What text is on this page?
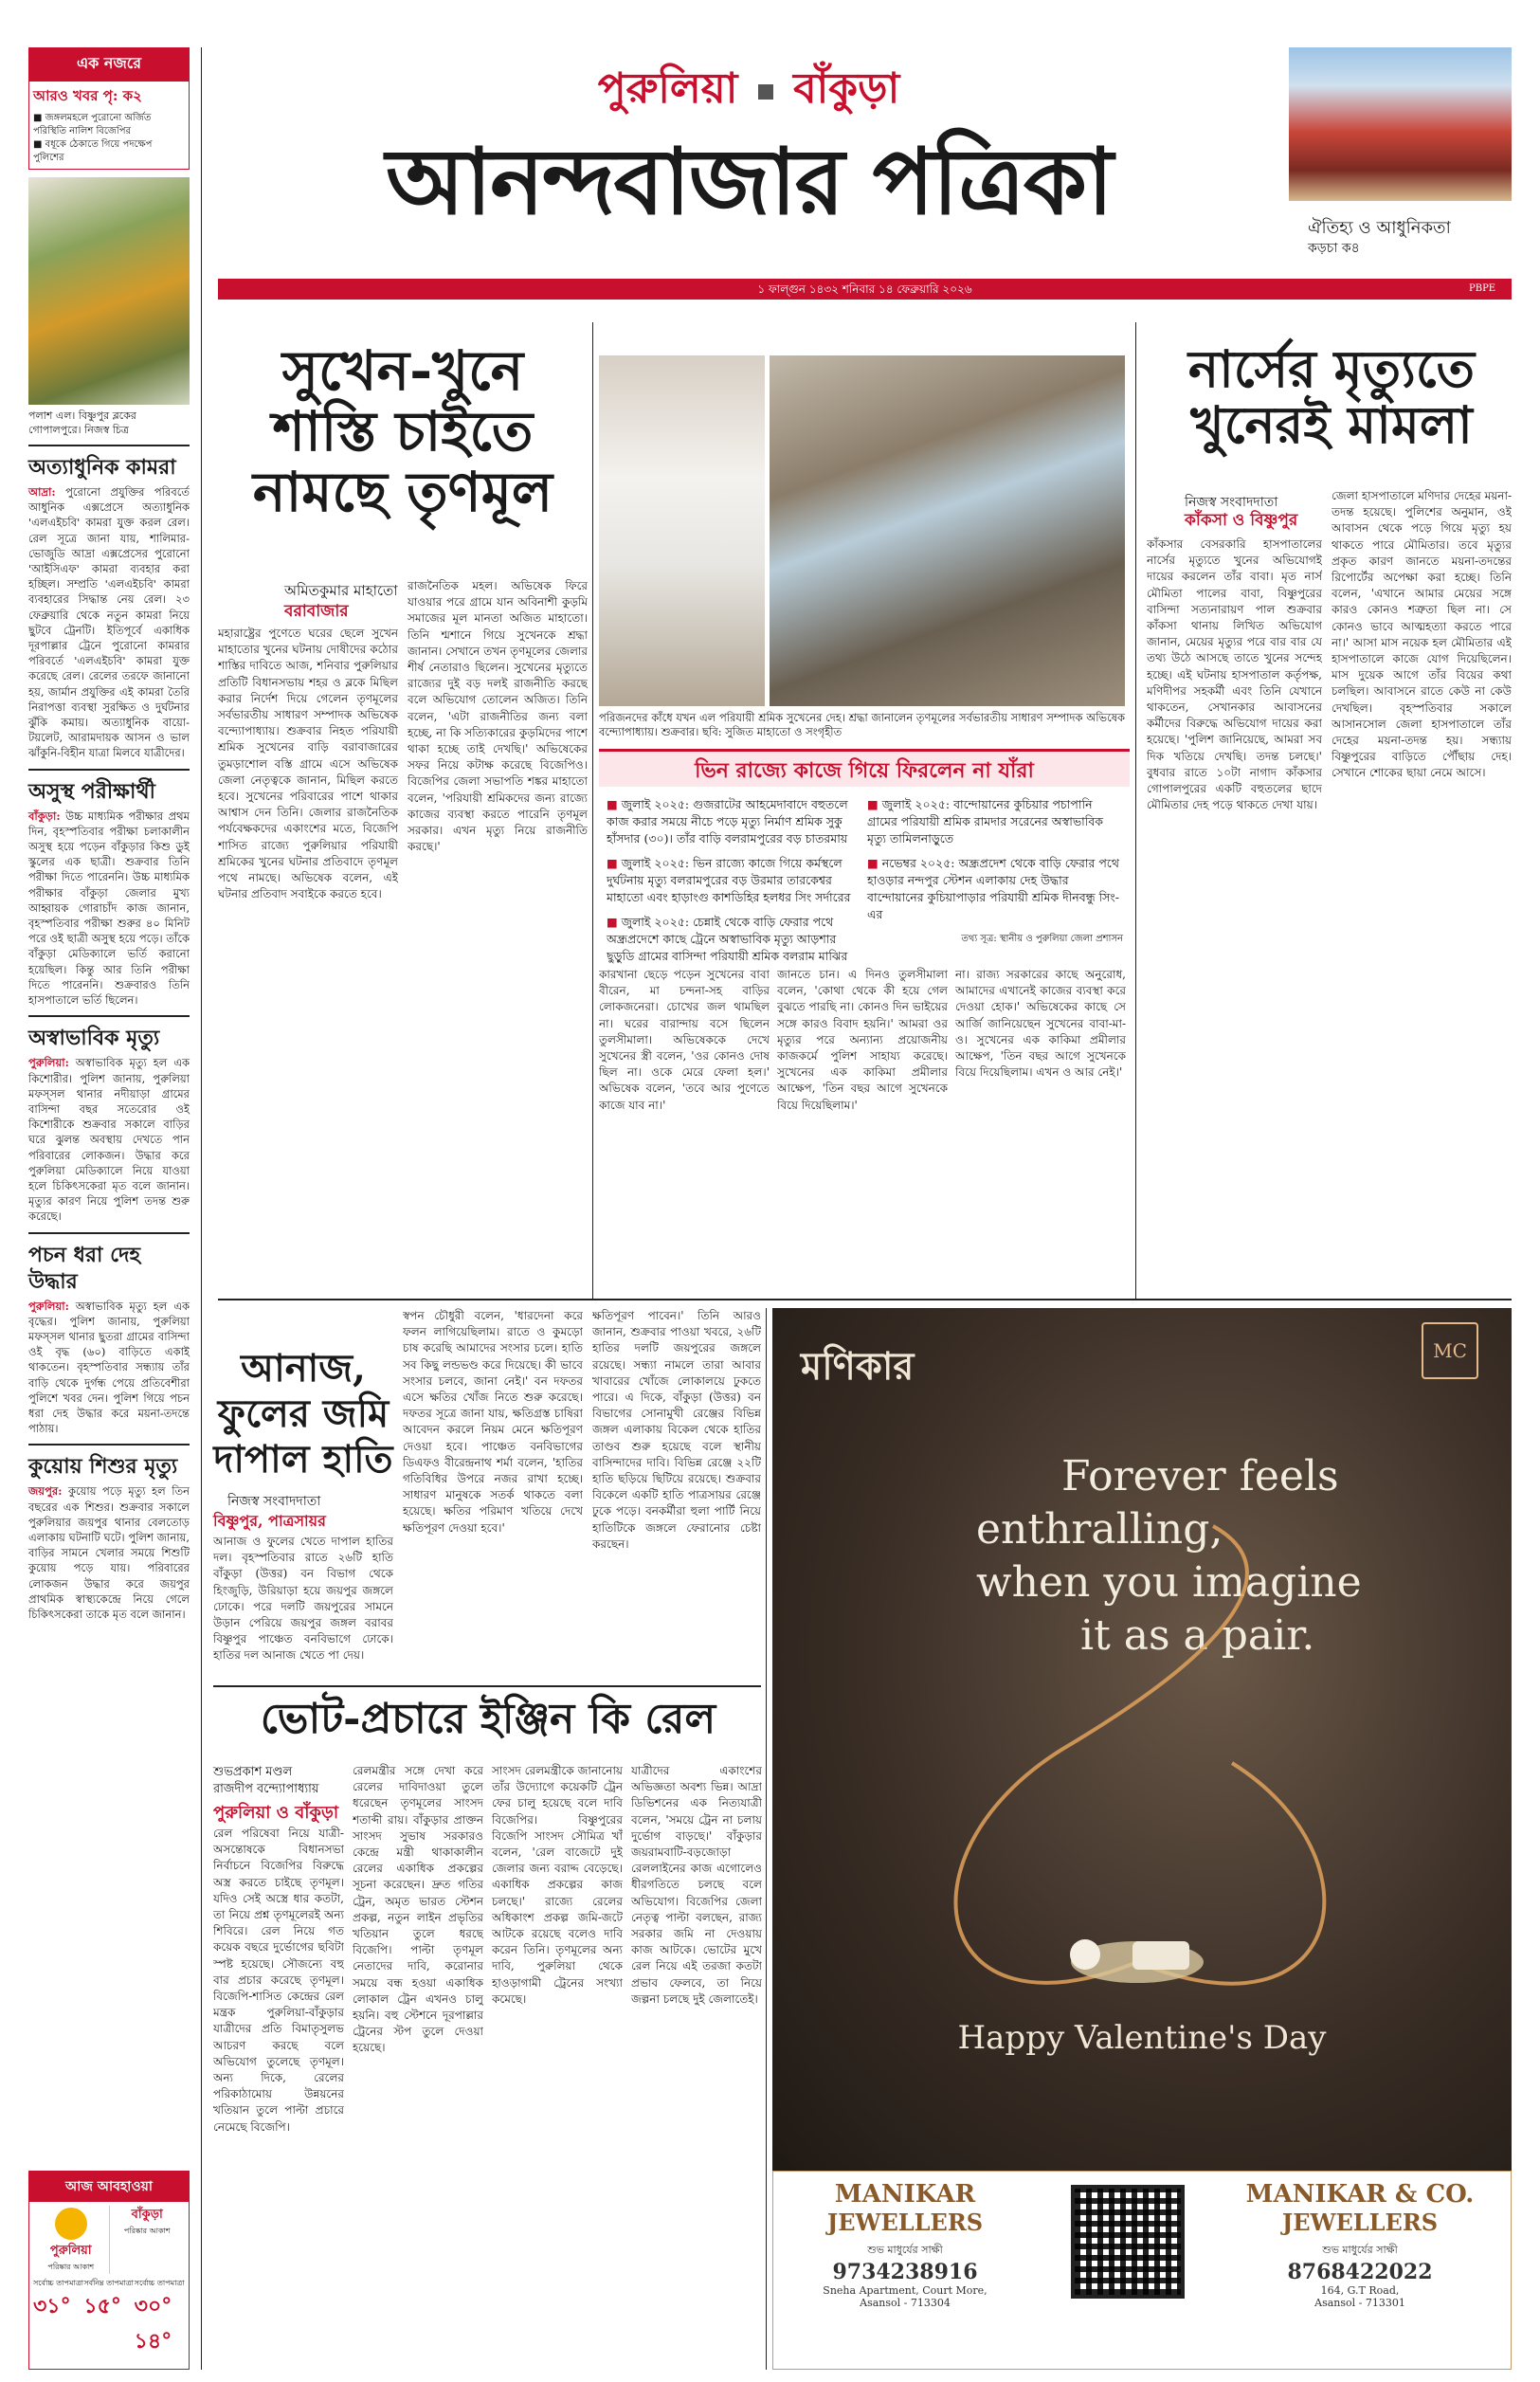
এক নজরে
আরও খবর পৃ: ক২
■ জঙ্গলমহলে পুরোনো অর্জিত পরিস্থিতি নালিশ বিজেপির
■ বধূকে ঠেকাতে গিয়ে পদক্ষেপ পুলিশের
পলাশ এল। বিষ্ণুপুর ব্লকের গোপালপুরে। নিজস্ব চিত্র
অত্যাধুনিক কামরা
আদ্রা: পুরোনো প্রযুক্তির পরিবর্তে আধুনিক এক্সপ্রেসে অত্যাধুনিক 'এলএইচবি' কামরা যুক্ত করল রেল। রেল সূত্রে জানা যায়, শালিমার-ভোজুডি আদ্রা এক্সপ্রেসের পুরোনো 'আইসিএফ' কামরা ব্যবহার করা হচ্ছিল। সম্প্রতি 'এলএইচবি' কামরা ব্যবহারের সিদ্ধান্ত নেয় রেল। ২৩ ফেব্রুয়ারি থেকে নতুন কামরা নিয়ে ছুটবে ট্রেনটি। ইতিপূর্বে একাধিক দূরপাল্লার ট্রেনে পুরোনো কামরার পরিবর্তে 'এলএইচবি' কামরা যুক্ত করেছে রেল। রেলের তরফে জানানো হয়, জার্মান প্রযুক্তির এই কামরা তৈরি নিরাপত্তা ব্যবস্থা সুরক্ষিত ও দুর্ঘটনার ঝুঁকি কমায়। অত্যাধুনিক বায়ো-টয়লেট, আরামদায়ক আসন ও ভাল ঝাঁকুনি-বিহীন যাত্রা মিলবে যাত্রীদের।
অসুস্থ পরীক্ষার্থী
বাঁকুড়া: উচ্চ মাধ্যমিক পরীক্ষার প্রথম দিন, বৃহস্পতিবার পরীক্ষা চলাকালীন অসুস্থ হয়ে পড়েন বাঁকুড়ার কিশু ডুই স্কুলের এক ছাত্রী। শুক্রবার তিনি পরীক্ষা দিতে পারেননি। উচ্চ মাধ্যমিক পরীক্ষার বাঁকুড়া জেলার মুখ্য আহ্বায়ক গোরাচাঁদ কাজ জানান, বৃহস্পতিবার পরীক্ষা শুরুর ৪০ মিনিট পরে ওই ছাত্রী অসুস্থ হয়ে পড়ে। তাঁকে বাঁকুড়া মেডিক্যালে ভর্তি করানো হয়েছিল। কিন্তু আর তিনি পরীক্ষা দিতে পারেননি। শুক্রবারও তিনি হাসপাতালে ভর্তি ছিলেন।
অস্বাভাবিক মৃত্যু
পুরুলিয়া: অস্বাভাবিক মৃত্যু হল এক কিশোরীর। পুলিশ জানায়, পুরুলিয়া মফস্সল থানার নদীয়াড়া গ্রামের বাসিন্দা বছর সতেরোর ওই কিশোরীকে শুক্রবার সকালে বাড়ির ঘরে ঝুলন্ত অবস্থায় দেখতে পান পরিবারের লোকজন। উদ্ধার করে পুরুলিয়া মেডিক্যালে নিয়ে যাওয়া হলে চিকিৎসকেরা মৃত বলে জানান। মৃত্যুর কারণ নিয়ে পুলিশ তদন্ত শুরু করেছে।
পচন ধরা দেহ উদ্ধার
পুরুলিয়া: অস্বাভাবিক মৃত্যু হল এক বৃদ্ধের। পুলিশ জানায়, পুরুলিয়া মফস্সল থানার ছুতরা গ্রামের বাসিন্দা ওই বৃদ্ধ (৬০) বাড়িতে একাই থাকতেন। বৃহস্পতিবার সন্ধ্যায় তাঁর বাড়ি থেকে দুর্গন্ধ পেয়ে প্রতিবেশীরা পুলিশে খবর দেন। পুলিশ গিয়ে পচন ধরা দেহ উদ্ধার করে ময়না-তদন্তে পাঠায়।
কুয়োয় শিশুর মৃত্যু
জয়পুর: কুয়োয় পড়ে মৃত্যু হল তিন বছরের এক শিশুর। শুক্রবার সকালে পুরুলিয়ার জয়পুর থানার বেলতোড় এলাকায় ঘটনাটি ঘটে। পুলিশ জানায়, বাড়ির সামনে খেলার সময়ে শিশুটি কুয়োয় পড়ে যায়। পরিবারের লোকজন উদ্ধার করে জয়পুর প্রাথমিক স্বাস্থ্যকেন্দ্রে নিয়ে গেলে চিকিৎসকেরা তাকে মৃত বলে জানান।
আজ আবহাওয়া
পুরুলিয়া
পরিষ্কার আকাশ
বাঁকুড়া
পরিষ্কার আকাশ
সর্বোচ্চ তাপমাত্রা
৩১°
সর্বনিম্ন তাপমাত্রা
১৫°
সর্বোচ্চ তাপমাত্রা
৩০°
১৪°
পুরুলিয়া বাঁকুড়া
আনন্দবাজার পত্রিকা	ঐতিহ্য ও আধুনিকতা
কড়চা ক৪
১ ফাল্গুন ১৪৩২ শনিবার ১৪ ফেব্রুয়ারি ২০২৬	PBPE
সুখেন-খুনে
শাস্তি চাইতে
নামছে তৃণমূল
অমিতকুমার মাহাতো
বরাবাজার
মহারাষ্ট্রের পুণেতে ঘরের ছেলে সুখেন মাহাতোর খুনের ঘটনায় দোষীদের কঠোর শাস্তির দাবিতে আজ, শনিবার পুরুলিয়ার প্রতিটি বিধানসভায় শহর ও ব্লকে মিছিল করার নির্দেশ দিয়ে গেলেন তৃণমূলের সর্বভারতীয় সাধারণ সম্পাদক অভিষেক বন্দ্যোপাধ্যায়। শুক্রবার নিহত পরিযায়ী শ্রমিক সুখেনের বাড়ি বরাবাজারের তুমড়াশোল বস্তি গ্রামে এসে অভিষেক জেলা নেতৃত্বকে জানান, মিছিল করতে হবে। সুখেনের পরিবারের পাশে থাকার আশ্বাস দেন তিনি। জেলার রাজনৈতিক পর্যবেক্ষকদের একাংশের মতে, বিজেপি শাসিত রাজ্যে পুরুলিয়ার পরিযায়ী শ্রমিকের খুনের ঘটনার প্রতিবাদে তৃণমূল পথে নামছে। অভিষেক বলেন, এই ঘটনার প্রতিবাদ সবাইকে করতে হবে।
রাজনৈতিক মহল। অভিষেক ফিরে যাওয়ার পরে গ্রামে যান অবিনাশী কুড়মি সমাজের মূল মানতা অজিত মাহাতো। তিনি শ্মশানে গিয়ে সুখেনকে শ্রদ্ধা জানান। সেখানে তখন তৃণমূলের জেলার শীর্ষ নেতারাও ছিলেন। সুখেনের মৃত্যুতে রাজ্যের দুই বড় দলই রাজনীতি করছে বলে অভিযোগ তোলেন অজিত। তিনি বলেন, 'এটা রাজনীতির জন্য বলা হচ্ছে, না কি সত্যিকারের কুড়মিদের পাশে থাকা হচ্ছে তাই দেখছি।' অভিষেকের সফর নিয়ে কটাক্ষ করেছে বিজেপিও। বিজেপির জেলা সভাপতি শঙ্কর মাহাতো বলেন, 'পরিযায়ী শ্রমিকদের জন্য রাজ্যে কাজের ব্যবস্থা করতে পারেনি তৃণমূল সরকার। এখন মৃত্যু নিয়ে রাজনীতি করছে।'
পরিজনদের কাঁধে যখন এল পরিযায়ী শ্রমিক সুখেনের দেহ। শ্রদ্ধা জানালেন তৃণমূলের সর্বভারতীয় সাধারণ সম্পাদক অভিষেক বন্দ্যোপাধ্যায়। শুক্রবার। ছবি: সুজিত মাহাতো ও সংগৃহীত
ভিন রাজ্যে কাজে গিয়ে ফিরলেন না যাঁরা
■ জুলাই ২০২৫: গুজরাটের আহমেদাবাদে বহুতলে কাজ করার সময়ে নীচে পড়ে মৃত্যু নির্মাণ শ্রমিক সুকু হাঁসদার (৩০)। তাঁর বাড়ি বলরামপুরের বড় চাতরমায়
■ জুলাই ২০২৫: ভিন রাজ্যে কাজে গিয়ে কর্মস্থলে দুর্ঘটনায় মৃত্যু বলরামপুরের বড় উরমার তারকেশ্বর মাহাতো এবং হাড়াংগু কাশডিহির হলধর সিং সর্দারের
■ জুলাই ২০২৫: চেন্নাই থেকে বাড়ি ফেরার পথে অন্ধ্রপ্রদেশে কাছে ট্রেনে অস্বাভাবিক মৃত্যু আড়শার ছুড়ুডি গ্রামের বাসিন্দা পরিযায়ী শ্রমিক বলরাম মাঝির
■ জুলাই ২০২৫: বান্দোয়ানের কুচিয়ার পচাপানি গ্রামের পরিযায়ী শ্রমিক রামদার সরেনের অস্বাভাবিক মৃত্যু তামিলনাড়ুতে
■ নভেম্বর ২০২৫: অন্ধ্রপ্রদেশ থেকে বাড়ি ফেরার পথে হাওড়ার নন্দপুর স্টেশন এলাকায় দেহ উদ্ধার বান্দোয়ানের কুচিয়াপাড়ার পরিযায়ী শ্রমিক দীনবন্ধু সিং-এর
তথ্য সূত্র: স্থানীয় ও পুরুলিয়া জেলা প্রশাসন
কারখানা ছেড়ে পড়েন সুখেনের বাবা বীরেন, মা চন্দনা-সহ বাড়ির লোকজনেরা। চোখের জল থামছিল না। ঘরের বারান্দায় বসে ছিলেন তুলসীমালা। অভিষেককে দেখে সুখেনের স্ত্রী বলেন, 'ওর কোনও দোষ ছিল না। ওকে মেরে ফেলা হল।' অভিষেক বলেন, 'তবে আর পুণেতে কাজে যাব না।'
জানতে চান। এ দিনও তুলসীমালা বলেন, 'কোথা থেকে কী হয়ে গেল বুঝতে পারছি না। কোনও দিন ভাইয়ের সঙ্গে কারও বিবাদ হয়নি।' আমরা ওর মৃত্যুর পরে অন্যান্য প্রয়োজনীয় কাজকর্মে পুলিশ সাহায্য করেছে। সুখেনের এক কাকিমা প্রমীলার আক্ষেপ, 'তিন বছর আগে সুখেনকে বিয়ে দিয়েছিলাম।'
না। রাজ্য সরকারের কাছে অনুরোধ, আমাদের এখানেই কাজের ব্যবস্থা করে দেওয়া হোক।' অভিষেকের কাছে সে আর্জি জানিয়েছেন সুখেনের বাবা-মা-ও। সুখেনের এক কাকিমা প্রমীলার আক্ষেপ, 'তিন বছর আগে সুখেনকে বিয়ে দিয়েছিলাম। এখন ও আর নেই।'
নার্সের মৃত্যুতে
খুনেরই মামলা
নিজস্ব সংবাদদাতা
কাঁকসা ও বিষ্ণুপুর
কাঁকসার বেসরকারি হাসপাতালের নার্সের মৃত্যুতে খুনের অভিযোগই দায়ের করলেন তাঁর বাবা। মৃত নার্স মৌমিতা পালের বাবা, বিষ্ণুপুরের বাসিন্দা সত্যনারায়ণ পাল শুক্রবার কাঁকসা থানায় লিখিত অভিযোগ জানান, মেয়ের মৃত্যুর পরে বার বার যে তথ্য উঠে আসছে তাতে খুনের সন্দেহ হচ্ছে। এই ঘটনায় হাসপাতাল কর্তৃপক্ষ, মণিদীপর সহকর্মী এবং তিনি যেখানে থাকতেন, সেখানকার আবাসনের কর্মীদের বিরুদ্ধে অভিযোগ দায়ের করা হয়েছে। 'পুলিশ জানিয়েছে, আমরা সব দিক খতিয়ে দেখছি। তদন্ত চলছে।' বুধবার রাতে ১০টা নাগাদ কাঁকসার গোপালপুরের একটি বহুতলের ছাদে মৌমিতার দেহ পড়ে থাকতে দেখা যায়।
জেলা হাসপাতালে মণিদার দেহের ময়না-তদন্ত হয়েছে। পুলিশের অনুমান, ওই আবাসন থেকে পড়ে গিয়ে মৃত্যু হয় থাকতে পারে মৌমিতার। তবে মৃত্যুর প্রকৃত কারণ জানতে ময়না-তদন্তের রিপোর্টের অপেক্ষা করা হচ্ছে। তিনি বলেন, 'এখানে আমার মেয়ের সঙ্গে কারও কোনও শত্রুতা ছিল না। সে কোনও ভাবে আত্মহত্যা করতে পারে না।' আসা মাস নয়েক হল মৌমিতার এই হাসপাতালে কাজে যোগ দিয়েছিলেন। মাস দুয়েক আগে তাঁর বিয়ের কথা চলছিল। আবাসনে রাতে কেউ না কেউ দেখছিল। বৃহস্পতিবার সকালে আসানসোল জেলা হাসপাতালে তাঁর দেহের ময়না-তদন্ত হয়। সন্ধ্যায় বিষ্ণুপুরের বাড়িতে পৌঁছায় দেহ। সেখানে শোকের ছায়া নেমে আসে।
আনাজ,
ফুলের জমি
দাপাল হাতি
নিজস্ব সংবাদদাতা
বিষ্ণুপুর, পাত্রসায়র
আনাজ ও ফুলের খেতে দাপাল হাতির দল। বৃহস্পতিবার রাতে ২৬টি হাতি বাঁকুড়া (উত্তর) বন বিভাগ থেকে হিংজুড়ি, উরিয়াড়া হয়ে জয়পুর জঙ্গলে ঢোকে। পরে দলটি জয়পুরের সামনে উড়ান পেরিয়ে জয়পুর জঙ্গল বরাবর বিষ্ণুপুর পাঞ্চেত বনবিভাগে ঢোকে। হাতির দল আনাজ খেতে পা দেয়।
স্বপন চৌধুরী বলেন, 'ধারদেনা করে ফলন লাগিয়েছিলাম। রাতে ও কুমড়ো চাষ করেছি আমাদের সংসার চলে। হাতি সব কিছু লন্ডভণ্ড করে দিয়েছে। কী ভাবে সংসার চলবে, জানা নেই।' বন দফতর এসে ক্ষতির খোঁজ নিতে শুরু করেছে। দফতর সূত্রে জানা যায়, ক্ষতিগ্রস্ত চাষিরা আবেদন করলে নিয়ম মেনে ক্ষতিপূরণ দেওয়া হবে। পাঞ্চেত বনবিভাগের ডিএফও বীরেন্দ্রনাথ শর্মা বলেন, 'হাতির গতিবিধির উপরে নজর রাখা হচ্ছে। সাধারণ মানুষকে সতর্ক থাকতে বলা হয়েছে। ক্ষতির পরিমাণ খতিয়ে দেখে ক্ষতিপূরণ দেওয়া হবে।'
ক্ষতিপূরণ পাবেন।' তিনি আরও জানান, শুক্রবার পাওয়া খবরে, ২৬টি হাতির দলটি জয়পুরের জঙ্গলে রয়েছে। সন্ধ্যা নামলে তারা আবার খাবারের খোঁজে লোকালয়ে ঢুকতে পারে। এ দিকে, বাঁকুড়া (উত্তর) বন বিভাগের সোনামুখী রেঞ্জের বিভিন্ন জঙ্গল এলাকায় বিকেল থেকে হাতির তাণ্ডব শুরু হয়েছে বলে স্থানীয় বাসিন্দাদের দাবি। বিভিন্ন রেঞ্জে ২২টি হাতি ছড়িয়ে ছিটিয়ে রয়েছে। শুক্রবার বিকেলে একটি হাতি পাত্রসায়র রেঞ্জে ঢুকে পড়ে। বনকর্মীরা হুলা পার্টি নিয়ে হাতিটিকে জঙ্গলে ফেরানোর চেষ্টা করছেন।
ভোট-প্রচারে ইঞ্জিন কি রেল
শুভপ্রকাশ মণ্ডল
রাজদীপ বন্দ্যোপাধ্যায়
পুরুলিয়া ও বাঁকুড়া
রেল পরিষেবা নিয়ে যাত্রী-অসন্তোষকে বিধানসভা নির্বাচনে বিজেপির বিরুদ্ধে অস্ত্র করতে চাইছে তৃণমূল। যদিও সেই অস্ত্রে ধার কতটা, তা নিয়ে প্রশ্ন তৃণমূলেরই অন্য শিবিরে। রেল নিয়ে গত কয়েক বছরে দুর্ভোগের ছবিটা স্পষ্ট হয়েছে। সৌজন্যে বহু বার প্রচার করেছে তৃণমূল। বিজেপি-শাসিত কেন্দ্রের রেল মন্ত্রক পুরুলিয়া-বাঁকুড়ার যাত্রীদের প্রতি বিমাতৃসুলভ আচরণ করছে বলে অভিযোগ তুলেছে তৃণমূল। অন্য দিকে, রেলের পরিকাঠামোয় উন্নয়নের খতিয়ান তুলে পাল্টা প্রচারে নেমেছে বিজেপি।
রেলমন্ত্রীর সঙ্গে দেখা করে রেলের দাবিদাওয়া তুলে ধরেছেন তৃণমূলের সাংসদ শতাব্দী রায়। বাঁকুড়ার প্রাক্তন সাংসদ সুভাষ সরকারও কেন্দ্রে মন্ত্রী থাকাকালীন রেলের একাধিক প্রকল্পের সূচনা করেছেন। দ্রুত গতির ট্রেন, অমৃত ভারত স্টেশন প্রকল্প, নতুন লাইন প্রভৃতির খতিয়ান তুলে ধরছে বিজেপি। পাল্টা তৃণমূল নেতাদের দাবি, করোনার সময়ে বন্ধ হওয়া একাধিক লোকাল ট্রেন এখনও চালু হয়নি। বহু স্টেশনে দূরপাল্লার ট্রেনের স্টপ তুলে দেওয়া হয়েছে।
সাংসদ রেলমন্ত্রীকে জানানোয় তাঁর উদ্যোগে কয়েকটি ট্রেন ফের চালু হয়েছে বলে দাবি বিজেপির। বিষ্ণুপুরের বিজেপি সাংসদ সৌমিত্র খাঁ বলেন, 'রেল বাজেটে দুই জেলার জন্য বরাদ্দ বেড়েছে। একাধিক প্রকল্পের কাজ চলছে।' রাজ্যে রেলের অধিকাংশ প্রকল্প জমি-জটে আটকে রয়েছে বলেও দাবি করেন তিনি। তৃণমূলের অন্য দাবি, পুরুলিয়া থেকে হাওড়াগামী ট্রেনের সংখ্যা কমেছে।
যাত্রীদের একাংশের অভিজ্ঞতা অবশ্য ভিন্ন। আদ্রা ডিভিশনের এক নিত্যযাত্রী বলেন, 'সময়ে ট্রেন না চলায় দুর্ভোগ বাড়ছে।' বাঁকুড়ার জয়রামবাটি-বড়জোড়া রেললাইনের কাজ এগোলেও ধীরগতিতে চলছে বলে অভিযোগ। বিজেপির জেলা নেতৃত্ব পাল্টা বলছেন, রাজ্য সরকার জমি না দেওয়ায় কাজ আটকে। ভোটের মুখে রেল নিয়ে এই তরজা কতটা প্রভাব ফেলবে, তা নিয়ে জল্পনা চলছে দুই জেলাতেই।
মণিকার	MC
Forever feels
enthralling,
when you imagine
it as a pair.
Happy Valentine's Day
MANIKAR
JEWELLERS
শুভ মাধুর্যের সাক্ষী
9734238916
Sneha Apartment, Court More,
Asansol - 713304
MANIKAR & CO.
JEWELLERS
শুভ মাধুর্যের সাক্ষী
8768422022
164, G.T Road,
Asansol - 713301
